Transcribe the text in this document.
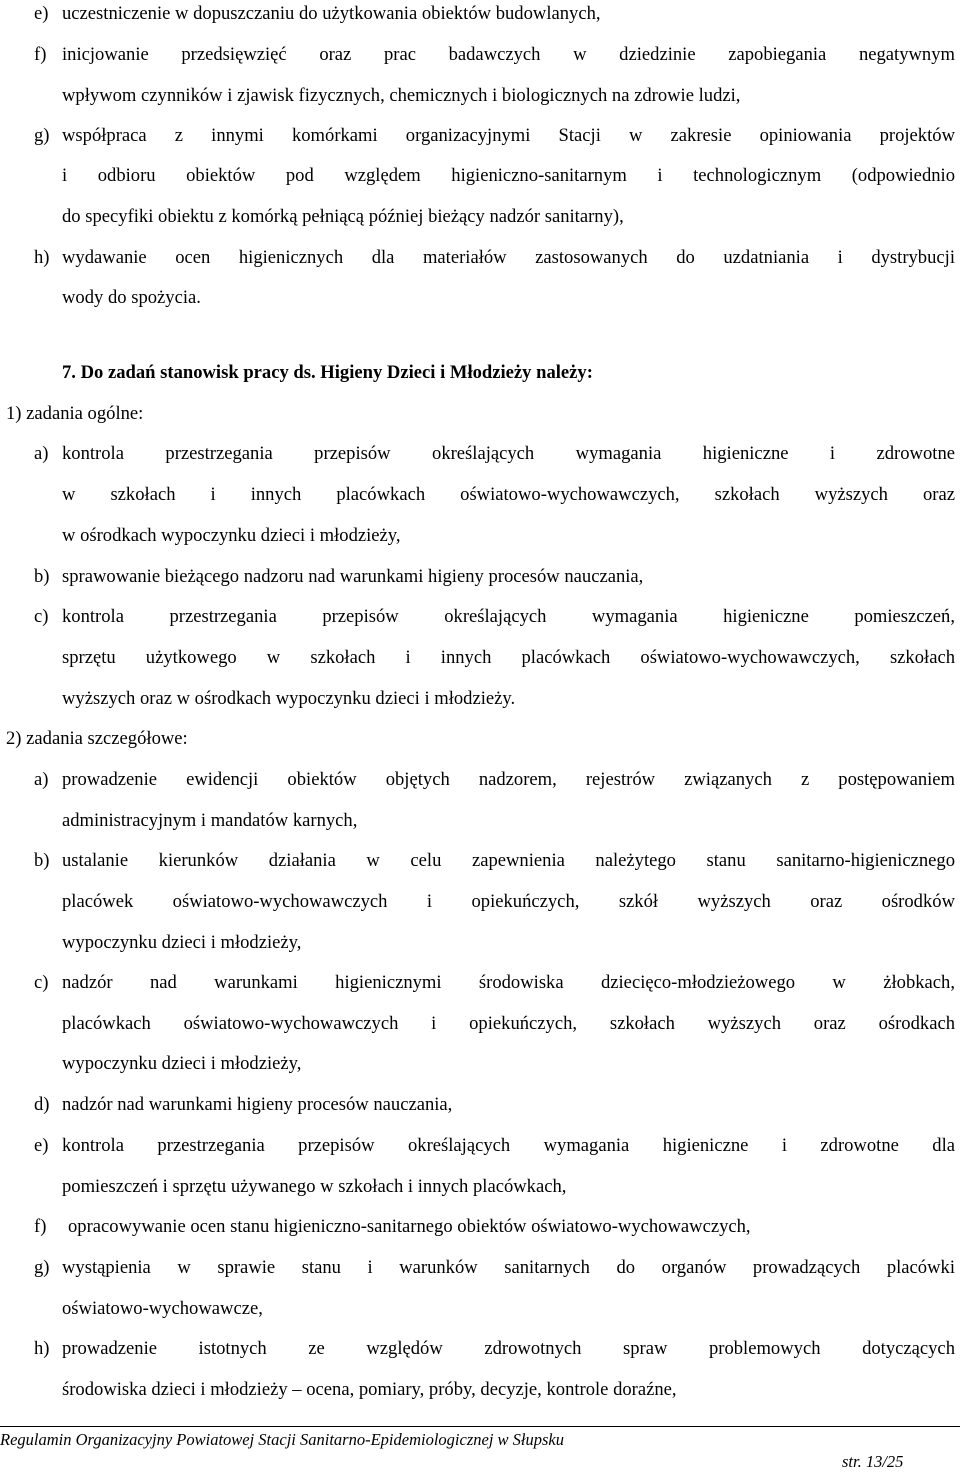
e) uczestniczenie w dopuszczaniu do użytkowania obiektów budowlanych,
f) inicjowanie przedsięwzięć oraz prac badawczych w dziedzinie zapobiegania negatywnym
wpływom czynników i zjawisk fizycznych, chemicznych i biologicznych na zdrowie ludzi,
g) współpraca z innymi komórkami organizacyjnymi Stacji w zakresie opiniowania projektów
i odbioru obiektów pod względem higieniczno-sanitarnym i technologicznym (odpowiednio
do specyfiki obiektu z komórką pełniącą później bieżący nadzór sanitarny),
h) wydawanie ocen higienicznych dla materiałów zastosowanych do uzdatniania i dystrybucji
wody do spożycia.
7. Do zadań stanowisk pracy ds. Higieny Dzieci i Młodzieży należy:
1) zadania ogólne:
a) kontrola przestrzegania przepisów określających wymagania higieniczne i zdrowotne
w szkołach i innych placówkach oświatowo-wychowawczych, szkołach wyższych oraz
w ośrodkach wypoczynku dzieci i młodzieży,
b) sprawowanie bieżącego nadzoru nad warunkami higieny procesów nauczania,
c) kontrola przestrzegania przepisów określających wymagania higieniczne pomieszczeń,
sprzętu użytkowego w szkołach i innych placówkach oświatowo-wychowawczych, szkołach
wyższych oraz w ośrodkach wypoczynku dzieci i młodzieży.
2) zadania szczegółowe:
a) prowadzenie ewidencji obiektów objętych nadzorem, rejestrów związanych z postępowaniem
administracyjnym i mandatów karnych,
b) ustalanie kierunków działania w celu zapewnienia należytego stanu sanitarno-higienicznego
placówek oświatowo-wychowawczych i opiekuńczych, szkół wyższych oraz ośrodków
wypoczynku dzieci i młodzieży,
c) nadzór nad warunkami higienicznymi środowiska dziecięco-młodzieżowego w żłobkach,
placówkach oświatowo-wychowawczych i opiekuńczych, szkołach wyższych oraz ośrodkach
wypoczynku dzieci i młodzieży,
d) nadzór nad warunkami higieny procesów nauczania,
e) kontrola przestrzegania przepisów określających wymagania higieniczne i zdrowotne dla
pomieszczeń i sprzętu używanego w szkołach i innych placówkach,
f) opracowywanie ocen stanu higieniczno-sanitarnego obiektów oświatowo-wychowawczych,
g) wystąpienia w sprawie stanu i warunków sanitarnych do organów prowadzących placówki
oświatowo-wychowawcze,
h) prowadzenie istotnych ze względów zdrowotnych spraw problemowych dotyczących
środowiska dzieci i młodzieży – ocena, pomiary, próby, decyzje, kontrole doraźne,
Regulamin Organizacyjny Powiatowej Stacji Sanitarno-Epidemiologicznej w Słupsku
str. 13/25
